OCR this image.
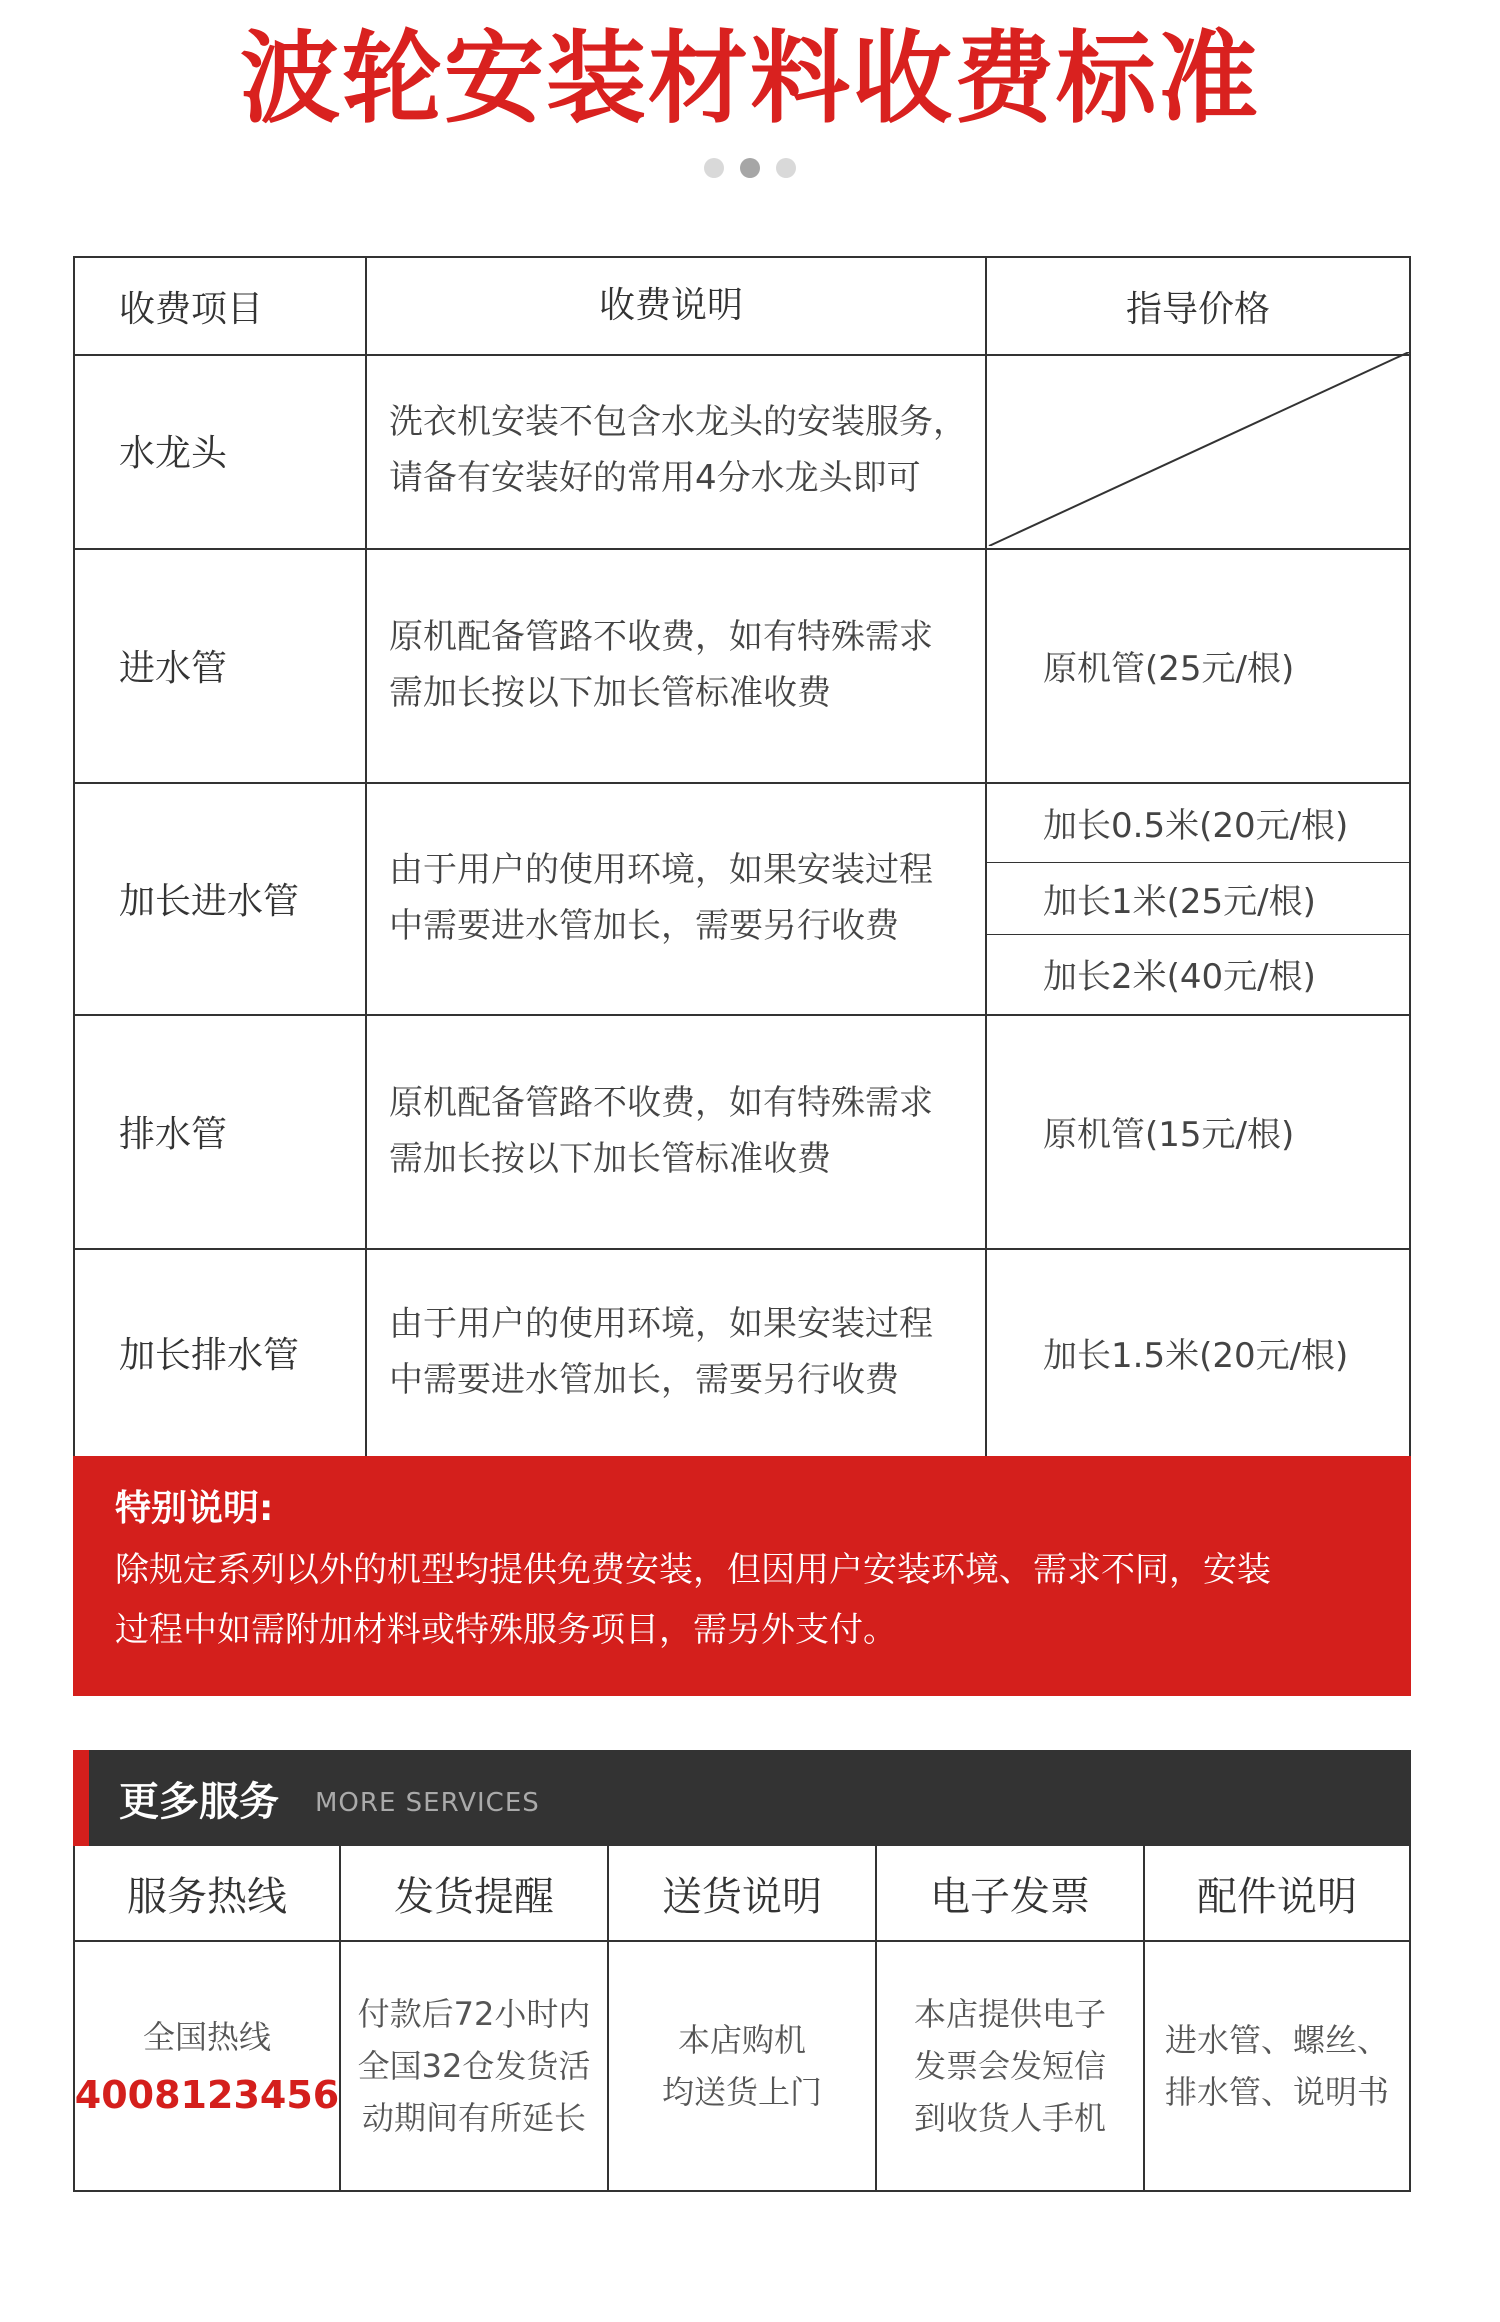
波轮安装材料收费标准
收费项目	收费说明	指导价格
水龙头
洗衣机安装不包含水龙头的安装服务，
请备有安装好的常用4分水龙头即可
进水管
原机配备管路不收费，如有特殊需求
需加长按以下加长管标准收费
原机管(25元/根)
加长进水管
由于用户的使用环境，如果安装过程
中需要进水管加长，需要另行收费
加长0.5米(20元/根)
加长1米(25元/根)
加长2米(40元/根)
排水管
原机配备管路不收费，如有特殊需求
需加长按以下加长管标准收费
原机管(15元/根)
加长排水管
由于用户的使用环境，如果安装过程
中需要进水管加长，需要另行收费
加长1.5米(20元/根)
特别说明:
除规定系列以外的机型均提供免费安装，但因用户安装环境、需求不同，安装
过程中如需附加材料或特殊服务项目，需另外支付。
更多服务 MORE SERVICES
服务热线
全国热线
4008123456
发货提醒
付款后72小时内
全国32仓发货活
动期间有所延长
送货说明
本店购机
均送货上门
电子发票
本店提供电子
发票会发短信
到收货人手机
配件说明
进水管、螺丝、
排水管、说明书
